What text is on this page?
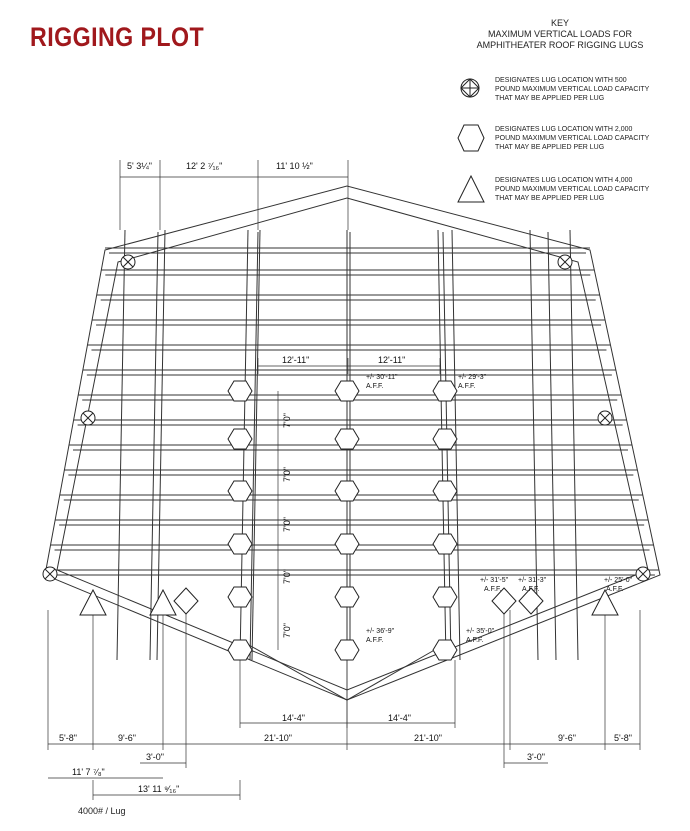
RIGGING PLOT	KEY
MAXIMUM VERTICAL LOADS FOR
AMPHITHEATER ROOF RIGGING LUGS
DESIGNATES LUG LOCATION WITH 500
POUND MAXIMUM VERTICAL LOAD CAPACITY
THAT MAY BE APPLIED PER LUG
DESIGNATES LUG LOCATION WITH 2,000
POUND MAXIMUM VERTICAL LOAD CAPACITY
THAT MAY BE APPLIED PER LUG
DESIGNATES LUG LOCATION WITH 4,000
POUND MAXIMUM VERTICAL LOAD CAPACITY
THAT MAY BE APPLIED PER LUG
5' 3¼"	12' 2 ⁷⁄₁₆"	11' 10 ½"
12'-11"	12'-11"
7'0"
7'0"
7'0"
7'0"
7'0"
+/- 30'-11"
A.F.F.
+/- 29'-3"
A.F.F.
+/- 36'-9"
A.F.F.
+/- 35'-0"
A.F.F.
+/- 31'-5"
A.F.F.
+/- 31'-3"
A.F.F.
+/- 25'-0"
A.F.F.
14'-4"	14'-4"
5'-8"	9'-6"	21'-10"	21'-10"	9'-6"	5'-8"
3'-0"	3'-0"
11' 7 ⁷⁄₈"
13' 11 ⁹⁄₁₆"
4000# / Lug
